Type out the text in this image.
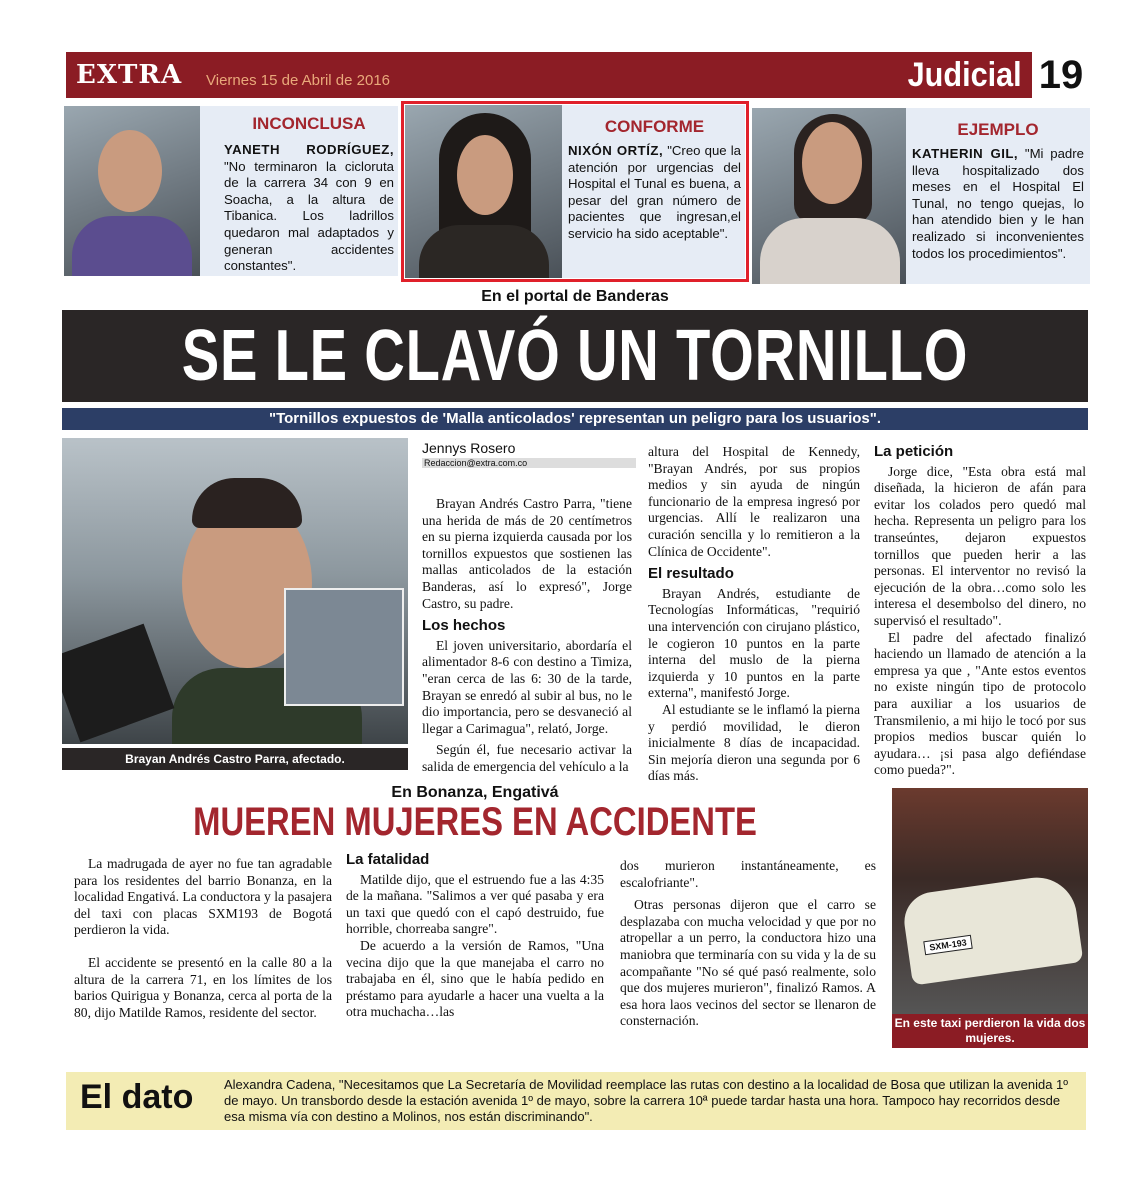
EXTRA Viernes 15 de Abril de 2016	Judicial 19
INCONCLUSA
YANETH RODRÍGUEZ, "No terminaron la cicloruta de la carrera 34 con 9 en Soacha, a la altura de Tibanica. Los ladrillos quedaron mal adaptados y generan accidentes constantes".
CONFORME
NIXÓN ORTÍZ, "Creo que la atención por urgencias del Hospital el Tunal es buena, a pesar del gran número de pacientes que ingresan,el servicio ha sido aceptable".
EJEMPLO
KATHERIN GIL, "Mi padre lleva hospitalizado dos meses en el Hospital El Tunal, no tengo quejas, lo han atendido bien y le han realizado si inconvenientes todos los procedimientos".
En el portal de Banderas
SE LE CLAVÓ UN TORNILLO
"Tornillos expuestos de 'Malla anticolados' representan un peligro para los usuarios".
Brayan Andrés Castro Parra, afectado.
Jennys Rosero
Redaccion@extra.com.co

Brayan Andrés Castro Parra, "tiene una herida de más de 20 centímetros en su pierna izquierda causada por los tornillos expuestos que sostienen las mallas anticolados de la estación Banderas, así lo expresó", Jorge Castro, su padre.

Los hechos

El joven universitario, abordaría el alimentador 8-6 con destino a Timiza, "eran cerca de las 6: 30 de la tarde, Brayan se enredó al subir al bus, no le dio importancia, pero se desvaneció al llegar a Carimagua", relató, Jorge.

Según él, fue necesario activar la salida de emergencia del vehículo a la

altura del Hospital de Kennedy, "Brayan Andrés, por sus propios medios y sin ayuda de ningún funcionario de la empresa ingresó por urgencias. Allí le realizaron una curación sencilla y lo remitieron a la Clínica de Occidente".

El resultado

Brayan Andrés, estudiante de Tecnologías Informáticas, "requirió una intervención con cirujano plástico, le cogieron 10 puntos en la parte interna del muslo de la pierna izquierda y 10 puntos en la parte externa", manifestó Jorge.

Al estudiante se le inflamó la pierna y perdió movilidad, le dieron inicialmente 8 días de incapacidad. Sin mejoría dieron una segunda por 6 días más.

La petición

Jorge dice, "Esta obra está mal diseñada, la hicieron de afán para evitar los colados pero quedó mal hecha. Representa un peligro para los transeúntes, dejaron expuestos tornillos que pueden herir a las personas. El interventor no revisó la ejecución de la obra…como solo les interesa el desembolso del dinero, no supervisó el resultado".

El padre del afectado finalizó haciendo un llamado de atención a la empresa ya que , "Ante estos eventos no existe ningún tipo de protocolo para auxiliar a los usuarios de Transmilenio, a mi hijo le tocó por sus propios medios buscar quién lo ayudara… ¡si pasa algo defiéndase como pueda?".

En Bonanza, Engativá
MUEREN MUJERES EN ACCIDENTE

La madrugada de ayer no fue tan agradable para los residentes del barrio Bonanza, en la localidad Engativá. La conductora y la pasajera del taxi con placas SXM193 de Bogotá perdieron la vida.

El accidente se presentó en la calle 80 a la altura de la carrera 71, en los límites de los barios Quirigua y Bonanza, cerca al porta de la 80, dijo Matilde Ramos, residente del sector.

La fatalidad

Matilde dijo, que el estruendo fue a las 4:35 de la mañana. "Salimos a ver qué pasaba y era un taxi que quedó con el capó destruido, fue horrible, chorreaba sangre".

De acuerdo a la versión de Ramos, "Una vecina dijo que la que manejaba el carro no trabajaba en él, sino que le había pedido en préstamo para ayudarle a hacer una vuelta a la otra muchacha…las

dos murieron instantáneamente, es escalofriante".

Otras personas dijeron que el carro se desplazaba con mucha velocidad y que por no atropellar a un perro, la conductora hizo una maniobra que terminaría con su vida y la de su acompañante "No sé qué pasó realmente, solo que dos mujeres murieron", finalizó Ramos. A esa hora laos vecinos del sector se llenaron de consternación.

SXM-193
En este taxi perdieron la vida dos mujeres.
El dato Alexandra Cadena, "Necesitamos que La Secretaría de Movilidad reemplace las rutas con destino a la localidad de Bosa que utilizan la avenida 1º de mayo. Un transbordo desde la estación avenida 1º de mayo, sobre la carrera 10ª puede tardar hasta una hora. Tampoco hay recorridos desde esa misma vía con destino a Molinos, nos están discriminando".
